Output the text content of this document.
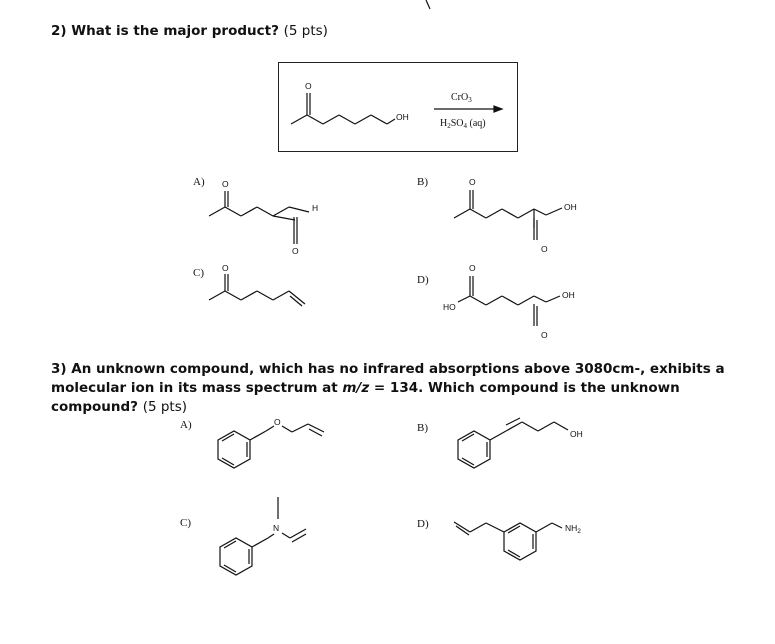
2) What is the major product? (5 pts)
O
OH
CrO$_3$
$H_2SO_4$ (aq)
A) O
H
O
B)	O
OH
O
C) O
D)
O
HO
OH
O
3) An unknown compound, which has no infrared absorptions above 3080cm-, exhibits a molecular ion in its mass spectrum at m/z = 134. Which compound is the unknown compound? (5 pts)
A)	O	B)	OH
C)	N	D)	$NH_2$
